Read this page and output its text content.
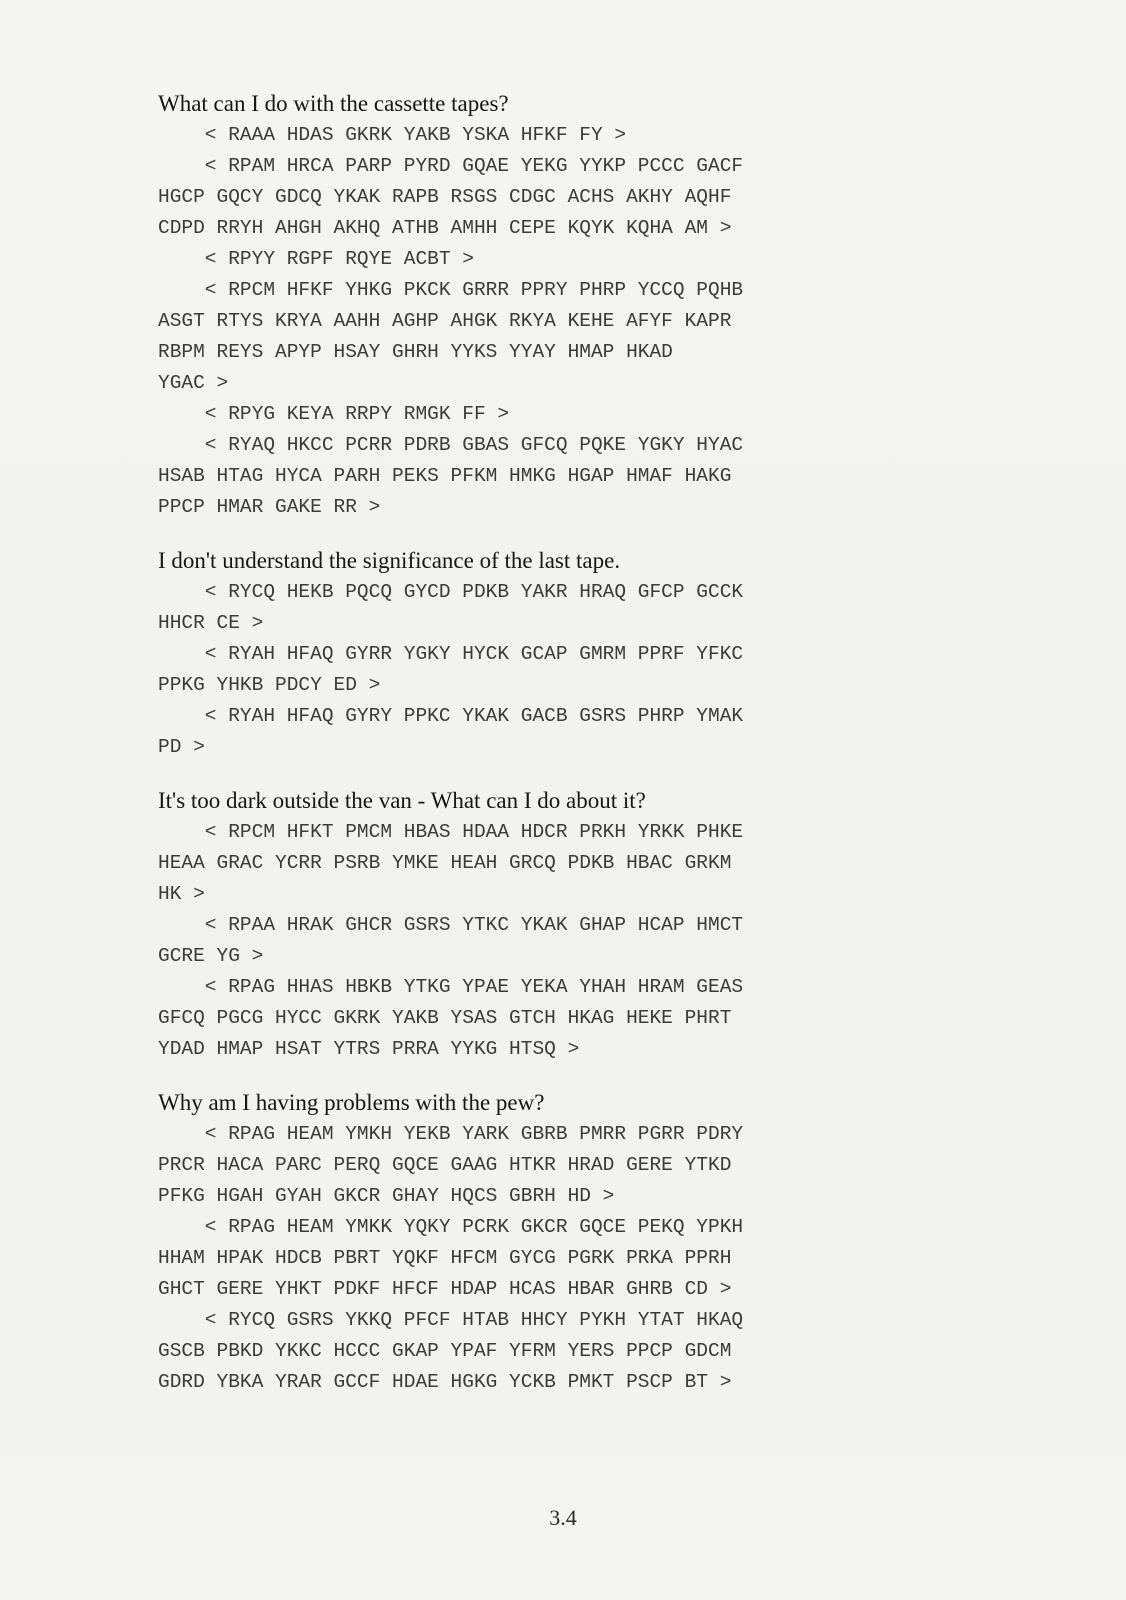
What can I do with the cassette tapes?
< RAAA HDAS GKRK YAKB YSKA HFKF FY >
< RPAM HRCA PARP PYRD GQAE YEKG YYKP PCCC GACF
HGCP GQCY GDCQ YKAK RAPB RSGS CDGC ACHS AKHY AQHF
CDPD RRYH AHGH AKHQ ATHB AMHH CEPE KQYK KQHA AM >
< RPYY RGPF RQYE ACBT >
< RPCM HFKF YHKG PKCK GRRR PPRY PHRP YCCQ PQHB
ASGT RTYS KRYA AAHH AGHP AHGK RKYA KEHE AFYF KAPR
RBPM REYS APYP HSAY GHRH YYKS YYAY HMAP HKAD
YGAC >
< RPYG KEYA RRPY RMGK FF >
< RYAQ HKCC PCRR PDRB GBAS GFCQ PQKE YGKY HYAC
HSAB HTAG HYCA PARH PEKS PFKM HMKG HGAP HMAF HAKG
PPCP HMAR GAKE RR >
I don't understand the significance of the last tape.
< RYCQ HEKB PQCQ GYCD PDKB YAKR HRAQ GFCP GCCK
HHCR CE >
< RYAH HFAQ GYRR YGKY HYCK GCAP GMRM PPRF YFKC
PPKG YHKB PDCY ED >
< RYAH HFAQ GYRY PPKC YKAK GACB GSRS PHRP YMAK
PD >
It's too dark outside the van - What can I do about it?
< RPCM HFKT PMCM HBAS HDAA HDCR PRKH YRKK PHKE
HEAA GRAC YCRR PSRB YMKE HEAH GRCQ PDKB HBAC GRKM
HK >
< RPAA HRAK GHCR GSRS YTKC YKAK GHAP HCAP HMCT
GCRE YG >
< RPAG HHAS HBKB YTKG YPAE YEKA YHAH HRAM GEAS
GFCQ PGCG HYCC GKRK YAKB YSAS GTCH HKAG HEKE PHRT
YDAD HMAP HSAT YTRS PRRA YYKG HTSQ >
Why am I having problems with the pew?
< RPAG HEAM YMKH YEKB YARK GBRB PMRR PGRR PDRY
PRCR HACA PARC PERQ GQCE GAAG HTKR HRAD GERE YTKD
PFKG HGAH GYAH GKCR GHAY HQCS GBRH HD >
< RPAG HEAM YMKK YQKY PCRK GKCR GQCE PEKQ YPKH
HHAM HPAK HDCB PBRT YQKF HFCM GYCG PGRK PRKA PPRH
GHCT GERE YHKT PDKF HFCF HDAP HCAS HBAR GHRB CD >
< RYCQ GSRS YKKQ PFCF HTAB HHCY PYKH YTAT HKAQ
GSCB PBKD YKKC HCCC GKAP YPAF YFRM YERS PPCP GDCM
GDRD YBKA YRAR GCCF HDAE HGKG YCKB PMKT PSCP BT >
3.4
